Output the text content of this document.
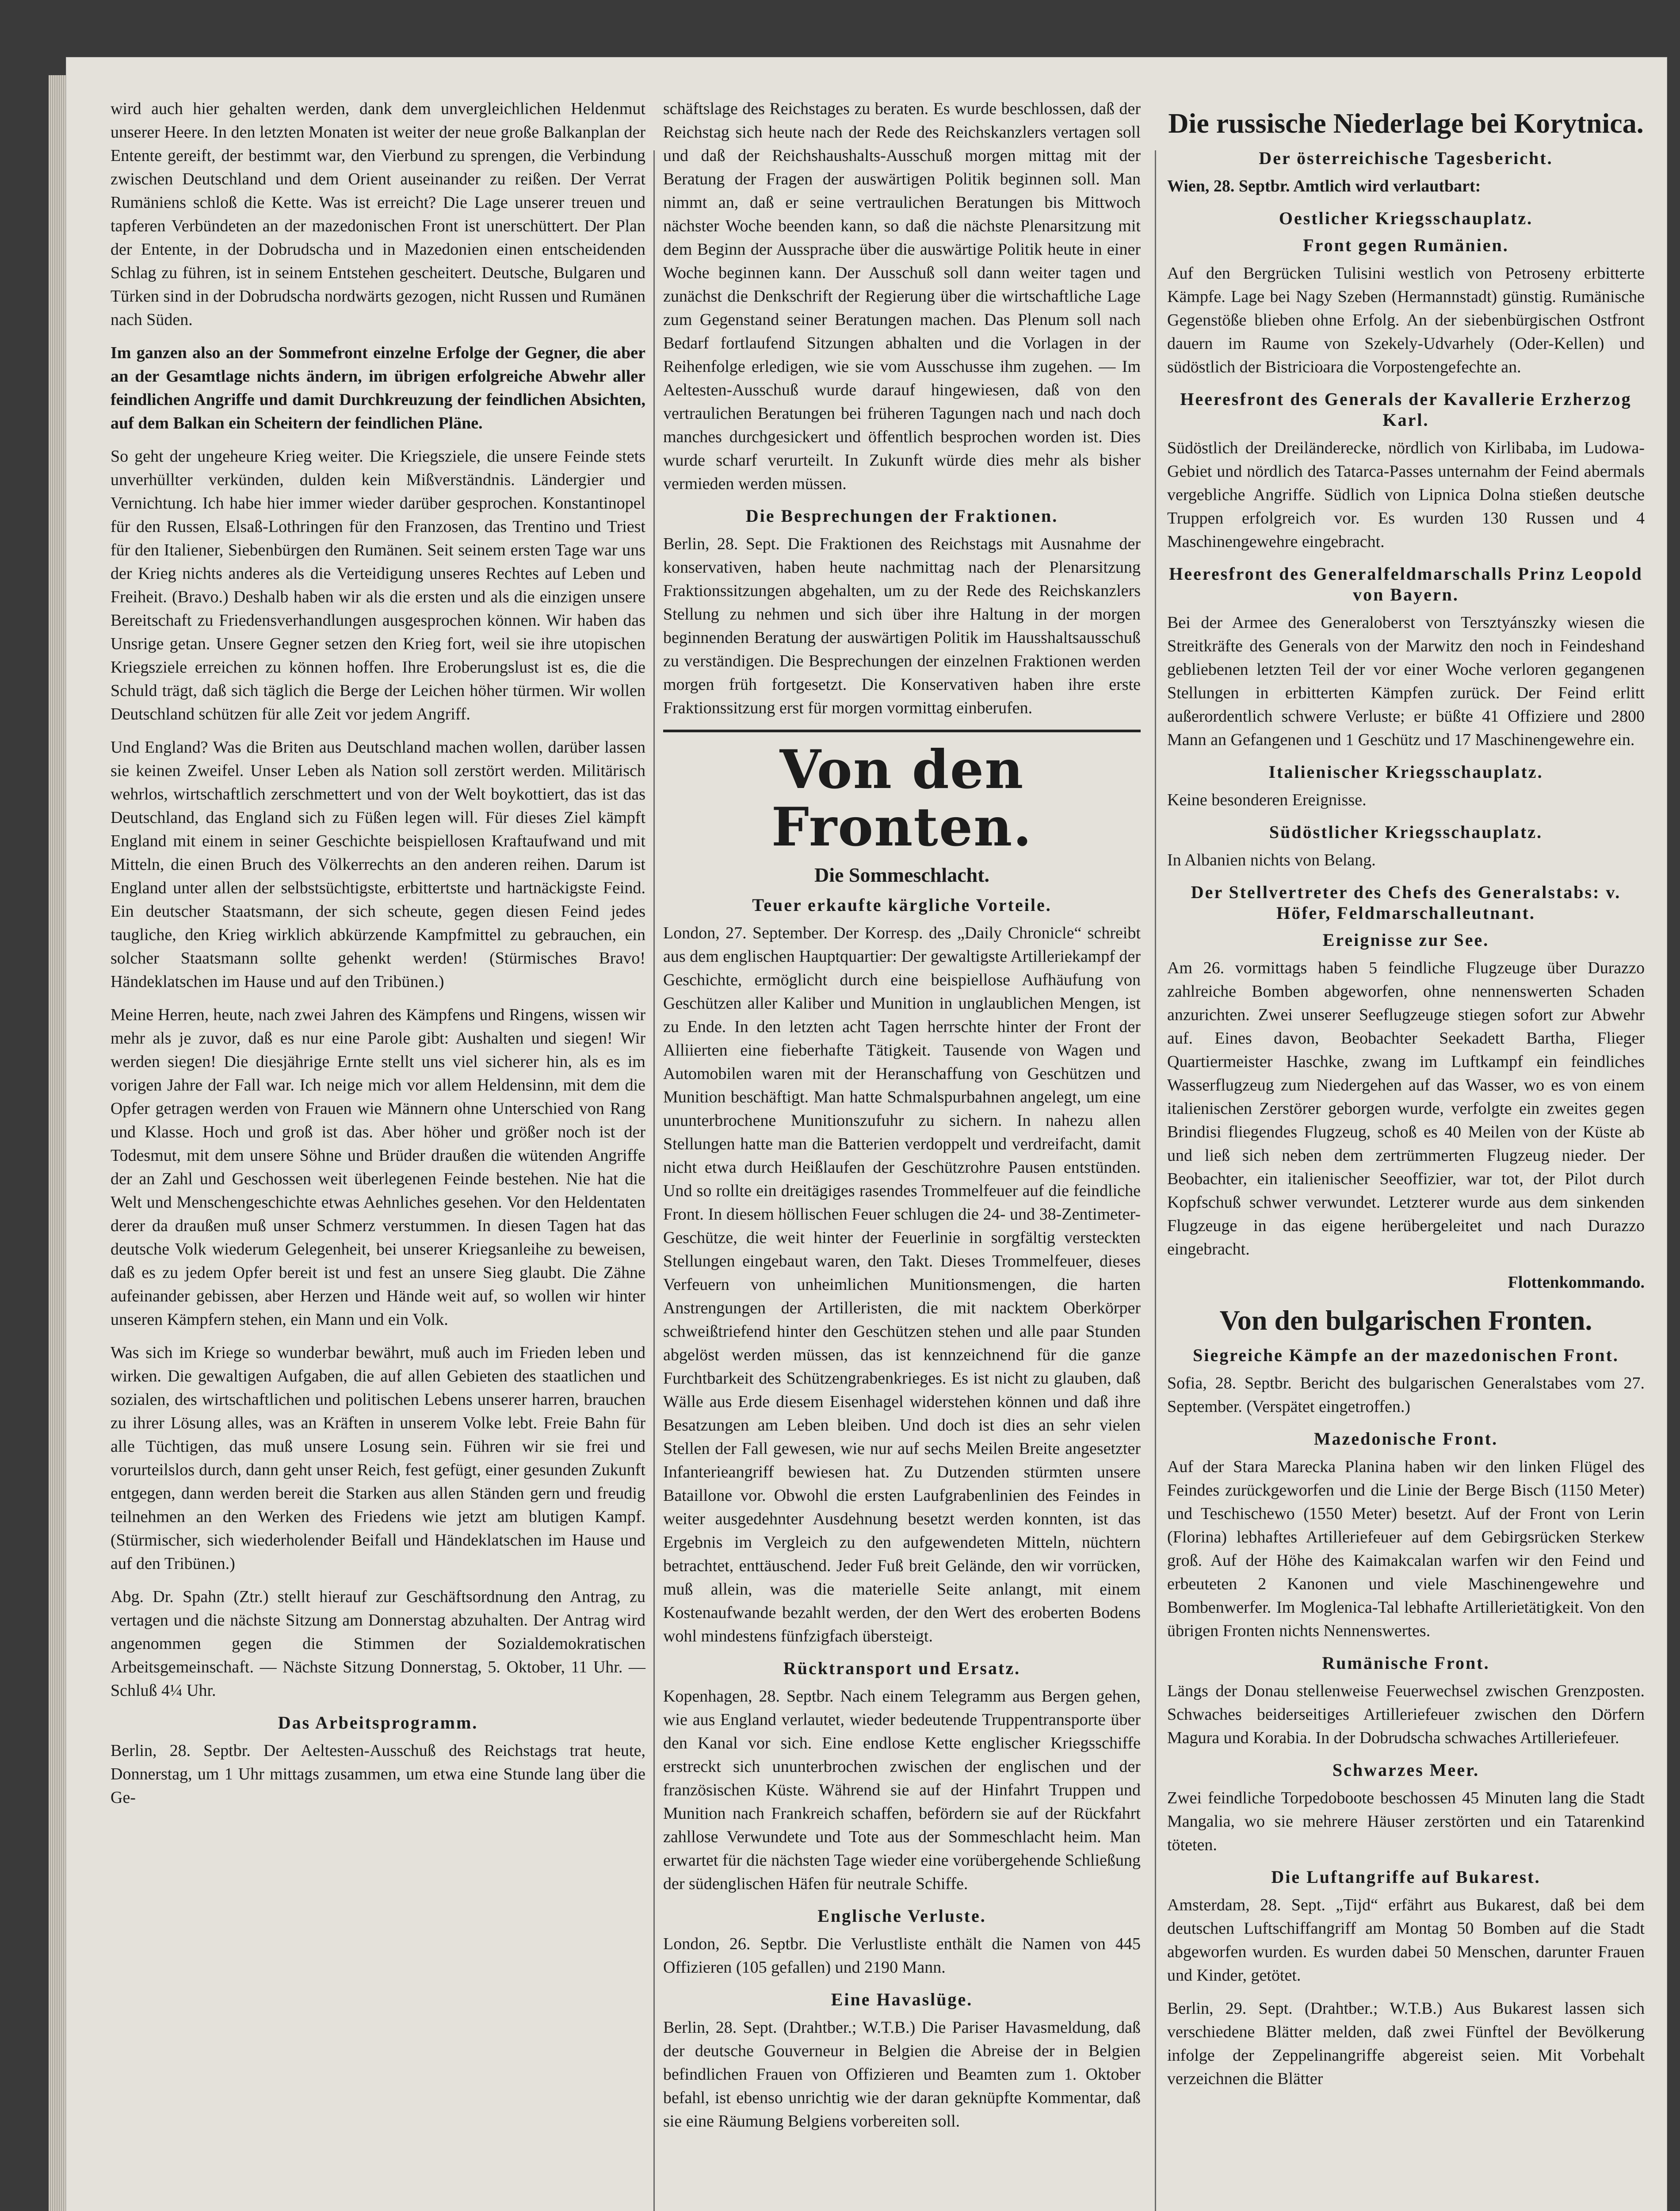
wird auch hier gehalten werden, dank dem unvergleichlichen Heldenmut unserer Heere. In den letzten Monaten ist weiter der neue große Balkanplan der Entente gereift, der bestimmt war, den Vierbund zu sprengen, die Verbindung zwischen Deutschland und dem Orient auseinander zu reißen. Der Verrat Rumäniens schloß die Kette. Was ist erreicht? Die Lage unserer treuen und tapferen Verbündeten an der mazedonischen Front ist unerschüttert. Der Plan der Entente, in der Dobrudscha und in Mazedonien einen entscheidenden Schlag zu führen, ist in seinem Entstehen gescheitert. Deutsche, Bulgaren und Türken sind in der Dobrudscha nordwärts gezogen, nicht Russen und Rumänen nach Süden.

Im ganzen also an der Sommefront einzelne Erfolge der Gegner, die aber an der Gesamtlage nichts ändern, im übrigen erfolgreiche Abwehr aller feindlichen Angriffe und damit Durchkreuzung der feindlichen Absichten, auf dem Balkan ein Scheitern der feindlichen Pläne.

So geht der ungeheure Krieg weiter. Die Kriegsziele, die unsere Feinde stets unverhüllter verkünden, dulden kein Mißverständnis. Ländergier und Vernichtung. Ich habe hier immer wieder darüber gesprochen. Konstantinopel für den Russen, Elsaß-Lothringen für den Franzosen, das Trentino und Triest für den Italiener, Siebenbürgen den Rumänen. Seit seinem ersten Tage war uns der Krieg nichts anderes als die Verteidigung unseres Rechtes auf Leben und Freiheit. (Bravo.) Deshalb haben wir als die ersten und als die einzigen unsere Bereitschaft zu Friedensverhandlungen ausgesprochen können. Wir haben das Unsrige getan. Unsere Gegner setzen den Krieg fort, weil sie ihre utopischen Kriegsziele erreichen zu können hoffen. Ihre Eroberungslust ist es, die die Schuld trägt, daß sich täglich die Berge der Leichen höher türmen. Wir wollen Deutschland schützen für alle Zeit vor jedem Angriff.

Und England? Was die Briten aus Deutschland machen wollen, darüber lassen sie keinen Zweifel. Unser Leben als Nation soll zerstört werden. Militärisch wehrlos, wirtschaftlich zerschmettert und von der Welt boykottiert, das ist das Deutschland, das England sich zu Füßen legen will. Für dieses Ziel kämpft England mit einem in seiner Geschichte beispiellosen Kraftaufwand und mit Mitteln, die einen Bruch des Völkerrechts an den anderen reihen. Darum ist England unter allen der selbstsüchtigste, erbittertste und hartnäckigste Feind. Ein deutscher Staatsmann, der sich scheute, gegen diesen Feind jedes taugliche, den Krieg wirklich abkürzende Kampfmittel zu gebrauchen, ein solcher Staatsmann sollte gehenkt werden! (Stürmisches Bravo! Händeklatschen im Hause und auf den Tribünen.)

Meine Herren, heute, nach zwei Jahren des Kämpfens und Ringens, wissen wir mehr als je zuvor, daß es nur eine Parole gibt: Aushalten und siegen! Wir werden siegen! Die diesjährige Ernte stellt uns viel sicherer hin, als es im vorigen Jahre der Fall war. Ich neige mich vor allem Heldensinn, mit dem die Opfer getragen werden von Frauen wie Männern ohne Unterschied von Rang und Klasse. Hoch und groß ist das. Aber höher und größer noch ist der Todesmut, mit dem unsere Söhne und Brüder draußen die wütenden Angriffe der an Zahl und Geschossen weit überlegenen Feinde bestehen. Nie hat die Welt und Menschengeschichte etwas Aehnliches gesehen. Vor den Heldentaten derer da draußen muß unser Schmerz verstummen. In diesen Tagen hat das deutsche Volk wiederum Gelegenheit, bei unserer Kriegsanleihe zu beweisen, daß es zu jedem Opfer bereit ist und fest an unsere Sieg glaubt. Die Zähne aufeinander gebissen, aber Herzen und Hände weit auf, so wollen wir hinter unseren Kämpfern stehen, ein Mann und ein Volk.

Was sich im Kriege so wunderbar bewährt, muß auch im Frieden leben und wirken. Die gewaltigen Aufgaben, die auf allen Gebieten des staatlichen und sozialen, des wirtschaftlichen und politischen Lebens unserer harren, brauchen zu ihrer Lösung alles, was an Kräften in unserem Volke lebt. Freie Bahn für alle Tüchtigen, das muß unsere Losung sein. Führen wir sie frei und vorurteilslos durch, dann geht unser Reich, fest gefügt, einer gesunden Zukunft entgegen, dann werden bereit die Starken aus allen Ständen gern und freudig teilnehmen an den Werken des Friedens wie jetzt am blutigen Kampf. (Stürmischer, sich wiederholender Beifall und Händeklatschen im Hause und auf den Tribünen.)

Abg. Dr. Spahn (Ztr.) stellt hierauf zur Geschäftsordnung den Antrag, zu vertagen und die nächste Sitzung am Donnerstag abzuhalten. Der Antrag wird angenommen gegen die Stimmen der Sozialdemokratischen Arbeitsgemeinschaft. — Nächste Sitzung Donnerstag, 5. Oktober, 11 Uhr. — Schluß 4¼ Uhr.

Das Arbeitsprogramm.

Berlin, 28. Septbr. Der Aeltesten-Ausschuß des Reichstags trat heute, Donnerstag, um 1 Uhr mittags zusammen, um etwa eine Stunde lang über die Ge-

schäftslage des Reichstages zu beraten. Es wurde beschlossen, daß der Reichstag sich heute nach der Rede des Reichskanzlers vertagen soll und daß der Reichshaushalts-Ausschuß morgen mittag mit der Beratung der Fragen der auswärtigen Politik beginnen soll. Man nimmt an, daß er seine vertraulichen Beratungen bis Mittwoch nächster Woche beenden kann, so daß die nächste Plenarsitzung mit dem Beginn der Aussprache über die auswärtige Politik heute in einer Woche beginnen kann. Der Ausschuß soll dann weiter tagen und zunächst die Denkschrift der Regierung über die wirtschaftliche Lage zum Gegenstand seiner Beratungen machen. Das Plenum soll nach Bedarf fortlaufend Sitzungen abhalten und die Vorlagen in der Reihenfolge erledigen, wie sie vom Ausschusse ihm zugehen. — Im Aeltesten-Ausschuß wurde darauf hingewiesen, daß von den vertraulichen Beratungen bei früheren Tagungen nach und nach doch manches durchgesickert und öffentlich besprochen worden ist. Dies wurde scharf verurteilt. In Zukunft würde dies mehr als bisher vermieden werden müssen.

Die Besprechungen der Fraktionen.

Berlin, 28. Sept. Die Fraktionen des Reichstags mit Ausnahme der konservativen, haben heute nachmittag nach der Plenarsitzung Fraktionssitzungen abgehalten, um zu der Rede des Reichskanzlers Stellung zu nehmen und sich über ihre Haltung in der morgen beginnenden Beratung der auswärtigen Politik im Hausshaltsausschuß zu verständigen. Die Besprechungen der einzelnen Fraktionen werden morgen früh fortgesetzt. Die Konservativen haben ihre erste Fraktionssitzung erst für morgen vormittag einberufen.

Von den Fronten.
Die Sommeschlacht.
Teuer erkaufte kärgliche Vorteile.

London, 27. September. Der Korresp. des „Daily Chronicle“ schreibt aus dem englischen Hauptquartier: Der gewaltigste Artilleriekampf der Geschichte, ermöglicht durch eine beispiellose Aufhäufung von Geschützen aller Kaliber und Munition in unglaublichen Mengen, ist zu Ende. In den letzten acht Tagen herrschte hinter der Front der Alliierten eine fieberhafte Tätigkeit. Tausende von Wagen und Automobilen waren mit der Heranschaffung von Geschützen und Munition beschäftigt. Man hatte Schmalspurbahnen angelegt, um eine ununterbrochene Munitionszufuhr zu sichern. In nahezu allen Stellungen hatte man die Batterien verdoppelt und verdreifacht, damit nicht etwa durch Heißlaufen der Geschützrohre Pausen entstünden. Und so rollte ein dreitägiges rasendes Trommelfeuer auf die feindliche Front. In diesem höllischen Feuer schlugen die 24- und 38-Zentimeter-Geschütze, die weit hinter der Feuerlinie in sorgfältig versteckten Stellungen eingebaut waren, den Takt. Dieses Trommelfeuer, dieses Verfeuern von unheimlichen Munitionsmengen, die harten Anstrengungen der Artilleristen, die mit nacktem Oberkörper schweißtriefend hinter den Geschützen stehen und alle paar Stunden abgelöst werden müssen, das ist kennzeichnend für die ganze Furchtbarkeit des Schützengrabenkrieges. Es ist nicht zu glauben, daß Wälle aus Erde diesem Eisenhagel widerstehen können und daß ihre Besatzungen am Leben bleiben. Und doch ist dies an sehr vielen Stellen der Fall gewesen, wie nur auf sechs Meilen Breite angesetzter Infanterieangriff bewiesen hat. Zu Dutzenden stürmten unsere Bataillone vor. Obwohl die ersten Laufgrabenlinien des Feindes in weiter ausgedehnter Ausdehnung besetzt werden konnten, ist das Ergebnis im Vergleich zu den aufgewendeten Mitteln, nüchtern betrachtet, enttäuschend. Jeder Fuß breit Gelände, den wir vorrücken, muß allein, was die materielle Seite anlangt, mit einem Kostenaufwande bezahlt werden, der den Wert des eroberten Bodens wohl mindestens fünfzigfach übersteigt.

Rücktransport und Ersatz.

Kopenhagen, 28. Septbr. Nach einem Telegramm aus Bergen gehen, wie aus England verlautet, wieder bedeutende Truppentransporte über den Kanal vor sich. Eine endlose Kette englischer Kriegsschiffe erstreckt sich ununterbrochen zwischen der englischen und der französischen Küste. Während sie auf der Hinfahrt Truppen und Munition nach Frankreich schaffen, befördern sie auf der Rückfahrt zahllose Verwundete und Tote aus der Sommeschlacht heim. Man erwartet für die nächsten Tage wieder eine vorübergehende Schließung der südenglischen Häfen für neutrale Schiffe.

Englische Verluste.

London, 26. Septbr. Die Verlustliste enthält die Namen von 445 Offizieren (105 gefallen) und 2190 Mann.

Eine Havaslüge.

Berlin, 28. Sept. (Drahtber.; W.T.B.) Die Pariser Havasmeldung, daß der deutsche Gouverneur in Belgien die Abreise der in Belgien befindlichen Frauen von Offizieren und Beamten zum 1. Oktober befahl, ist ebenso unrichtig wie der daran geknüpfte Kommentar, daß sie eine Räumung Belgiens vorbereiten soll.

Die russische Niederlage bei Korytnica.
Der österreichische Tagesbericht.

Wien, 28. Septbr. Amtlich wird verlautbart:

Oestlicher Kriegsschauplatz.
Front gegen Rumänien.

Auf den Bergrücken Tulisini westlich von Petroseny erbitterte Kämpfe. Lage bei Nagy Szeben (Hermannstadt) günstig. Rumänische Gegenstöße blieben ohne Erfolg. An der siebenbürgischen Ostfront dauern im Raume von Szekely-Udvarhely (Oder-Kellen) und südöstlich der Bistricioara die Vorpostengefechte an.

Heeresfront des Generals der Kavallerie Erzherzog Karl.

Südöstlich der Dreiländerecke, nördlich von Kirlibaba, im Ludowa-Gebiet und nördlich des Tatarca-Passes unternahm der Feind abermals vergebliche Angriffe. Südlich von Lipnica Dolna stießen deutsche Truppen erfolgreich vor. Es wurden 130 Russen und 4 Maschinengewehre eingebracht.

Heeresfront des Generalfeldmarschalls Prinz Leopold von Bayern.

Bei der Armee des Generaloberst von Tersztyánszky wiesen die Streitkräfte des Generals von der Marwitz den noch in Feindeshand gebliebenen letzten Teil der vor einer Woche verloren gegangenen Stellungen in erbitterten Kämpfen zurück. Der Feind erlitt außerordentlich schwere Verluste; er büßte 41 Offiziere und 2800 Mann an Gefangenen und 1 Geschütz und 17 Maschinengewehre ein.

Italienischer Kriegsschauplatz.

Keine besonderen Ereignisse.

Südöstlicher Kriegsschauplatz.

In Albanien nichts von Belang.

Der Stellvertreter des Chefs des Generalstabs: v. Höfer, Feldmarschalleutnant.
Ereignisse zur See.

Am 26. vormittags haben 5 feindliche Flugzeuge über Durazzo zahlreiche Bomben abgeworfen, ohne nennenswerten Schaden anzurichten. Zwei unserer Seeflugzeuge stiegen sofort zur Abwehr auf. Eines davon, Beobachter Seekadett Bartha, Flieger Quartiermeister Haschke, zwang im Luftkampf ein feindliches Wasserflugzeug zum Niedergehen auf das Wasser, wo es von einem italienischen Zerstörer geborgen wurde, verfolgte ein zweites gegen Brindisi fliegendes Flugzeug, schoß es 40 Meilen von der Küste ab und ließ sich neben dem zertrümmerten Flugzeug nieder. Der Beobachter, ein italienischer Seeoffizier, war tot, der Pilot durch Kopfschuß schwer verwundet. Letzterer wurde aus dem sinkenden Flugzeuge in das eigene herübergeleitet und nach Durazzo eingebracht.

Flottenkommando.

Von den bulgarischen Fronten.
Siegreiche Kämpfe an der mazedonischen Front.

Sofia, 28. Septbr. Bericht des bulgarischen Generalstabes vom 27. September. (Verspätet eingetroffen.)

Mazedonische Front.

Auf der Stara Marecka Planina haben wir den linken Flügel des Feindes zurückgeworfen und die Linie der Berge Bisch (1150 Meter) und Teschischewo (1550 Meter) besetzt. Auf der Front von Lerin (Florina) lebhaftes Artilleriefeuer auf dem Gebirgsrücken Sterkew groß. Auf der Höhe des Kaimakcalan warfen wir den Feind und erbeuteten 2 Kanonen und viele Maschinengewehre und Bombenwerfer. Im Moglenica-Tal lebhafte Artillerietätigkeit. Von den übrigen Fronten nichts Nennenswertes.

Rumänische Front.

Längs der Donau stellenweise Feuerwechsel zwischen Grenzposten. Schwaches beiderseitiges Artilleriefeuer zwischen den Dörfern Magura und Korabia. In der Dobrudscha schwaches Artilleriefeuer.

Schwarzes Meer.

Zwei feindliche Torpedoboote beschossen 45 Minuten lang die Stadt Mangalia, wo sie mehrere Häuser zerstörten und ein Tatarenkind töteten.

Die Luftangriffe auf Bukarest.

Amsterdam, 28. Sept. „Tijd“ erfährt aus Bukarest, daß bei dem deutschen Luftschiffangriff am Montag 50 Bomben auf die Stadt abgeworfen wurden. Es wurden dabei 50 Menschen, darunter Frauen und Kinder, getötet.

Berlin, 29. Sept. (Drahtber.; W.T.B.) Aus Bukarest lassen sich verschiedene Blätter melden, daß zwei Fünftel der Bevölkerung infolge der Zeppelinangriffe abgereist seien. Mit Vorbehalt verzeichnen die Blätter
